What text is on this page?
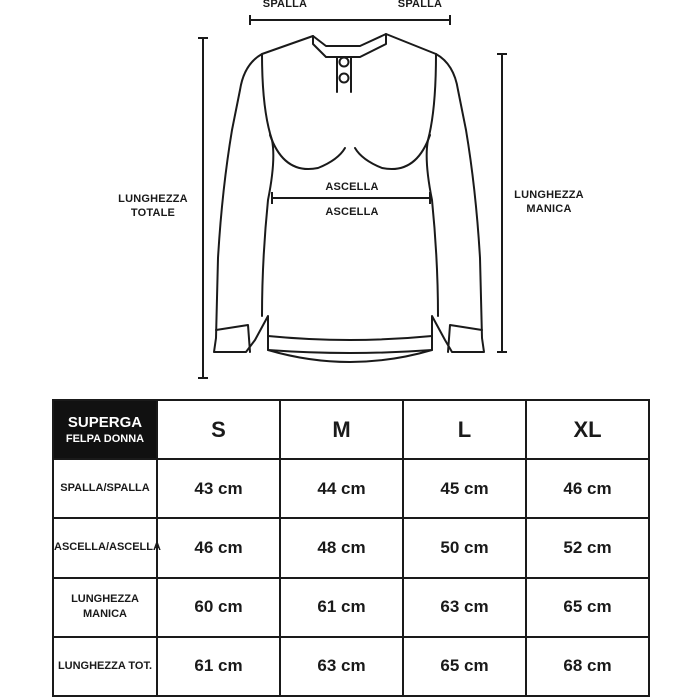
SPALLA	SPALLA
ASCELLA
ASCELLA
LUNGHEZZA
TOTALE
LUNGHEZZA
MANICA
SUPERGA
FELPA DONNA	S	M	L	XL
SPALLA/SPALLA	43 cm	44 cm	45 cm	46 cm
ASCELLA/ASCELLA	46 cm	48 cm	50 cm	52 cm
LUNGHEZZA
MANICA	60 cm	61 cm	63 cm	65 cm
LUNGHEZZA TOT.	61 cm	63 cm	65 cm	68 cm
